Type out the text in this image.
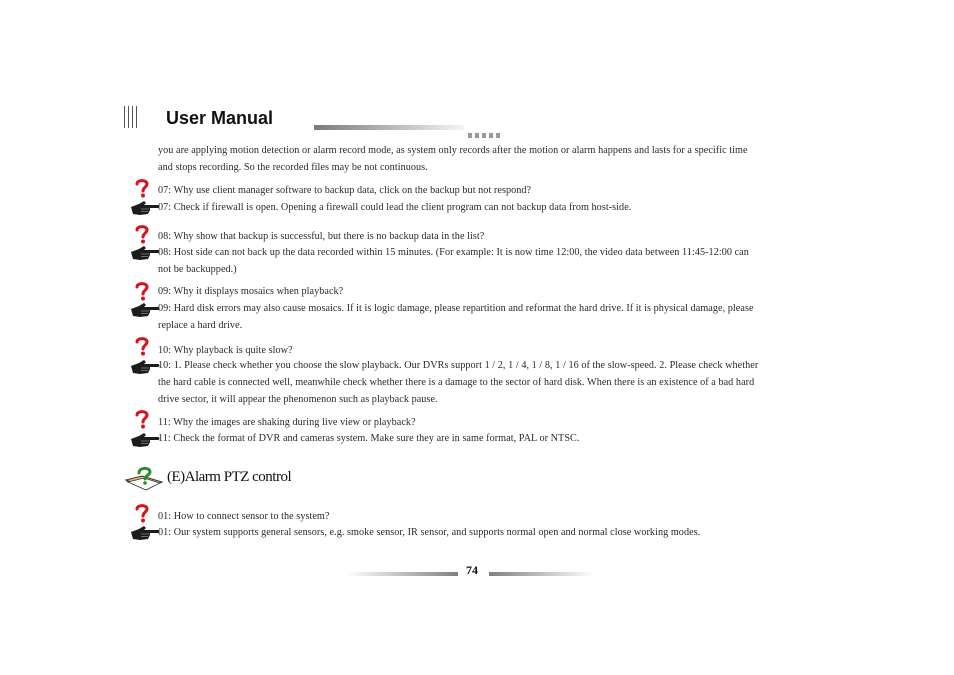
User Manual

you are applying motion detection or alarm record mode, as system only records after the motion or alarm happens and lasts for a specific time

and stops recording. So the recorded files may be not continuous.

07: Why use client manager software to backup data, click on the backup but not respond?

07: Check if firewall is open. Opening a firewall could lead the client program can not backup data from host-side.

08: Why show that backup is successful, but there is no backup data in the list?

08: Host side can not back up the data recorded within 15 minutes. (For example: It is now time 12:00, the video data between 11:45-12:00 can

not be backupped.)

09: Why it displays mosaics when playback?

09: Hard disk errors may also cause mosaics. If it is logic damage, please repartition and reformat the hard drive. If it is physical damage, please

replace a hard drive.

10: Why playback is quite slow?

10: 1. Please check whether you choose the slow playback. Our DVRs support 1 / 2, 1 / 4, 1 / 8, 1 / 16 of the slow-speed. 2. Please check whether

the hard cable is connected well, meanwhile check whether there is a damage to the sector of hard disk. When there is an existence of a bad hard

drive sector, it will appear the phenomenon such as playback pause.

11: Why the images are shaking during live view or playback?

11: Check the format of DVR and cameras system. Make sure they are in same format, PAL or NTSC.

(E)Alarm PTZ control

01: How to connect sensor to the system?

01: Our system supports general sensors, e.g. smoke sensor, IR sensor, and supports normal open and normal close working modes.

74
